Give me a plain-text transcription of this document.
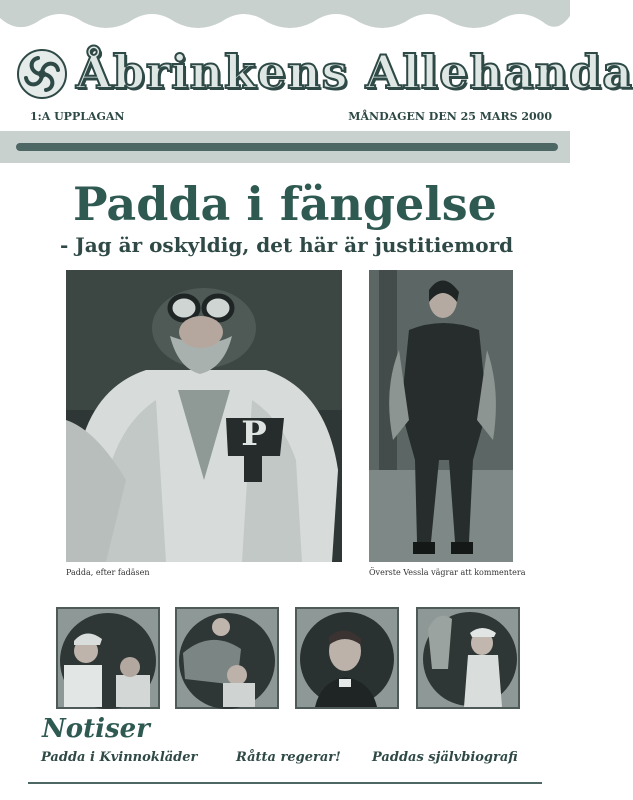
Åbrinkens Allehanda
1:A UPPLAGAN	MÅNDAGEN DEN 25 MARS 2000
Padda i fängelse
- Jag är oskyldig, det här är justitiemord
Padda, efter fadäsen	Överste Vessla vägrar att kommentera
Notiser
Padda i Kvinnokläder	Råtta regerar! Paddas självbiografi
P
